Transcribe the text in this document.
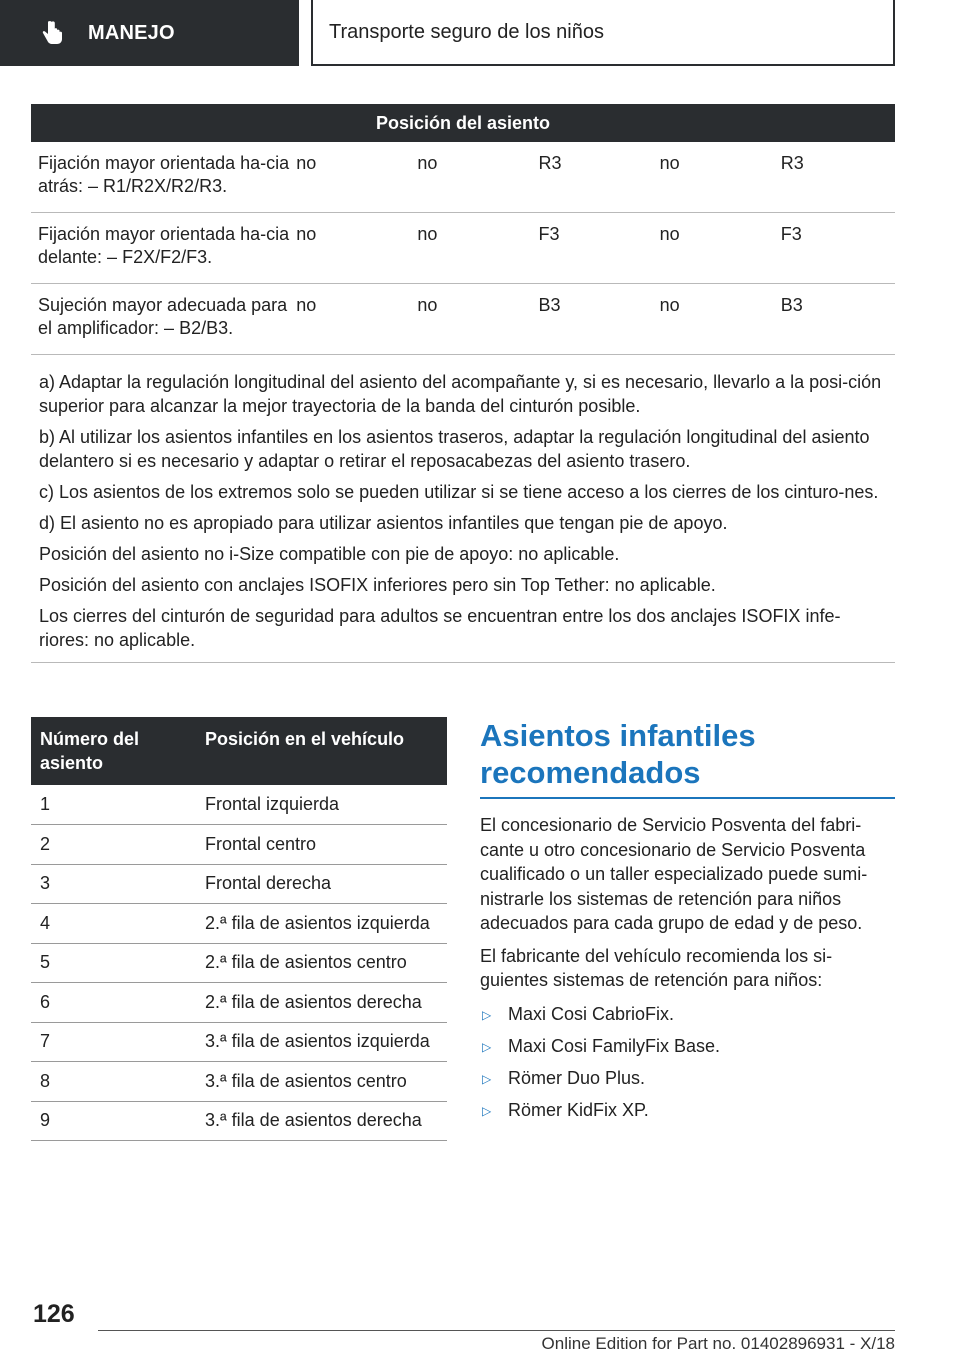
MANEJO	Transporte seguro de los niños
Posición del asiento					
Fijación mayor orientada ha-cia atrás: – R1/R2X/R2/R3.	no	no	R3	no	R3
Fijación mayor orientada ha-cia delante: – F2X/F2/F3.	no	no	F3	no	F3
Sujeción mayor adecuada para el amplificador: – B2/B3.	no	no	B3	no	B3

a) Adaptar la regulación longitudinal del asiento del acompañante y, si es necesario, llevarlo a la posi-ción superior para alcanzar la mejor trayectoria de la banda del cinturón posible.

b) Al utilizar los asientos infantiles en los asientos traseros, adaptar la regulación longitudinal del asiento delantero si es necesario y adaptar o retirar el reposacabezas del asiento trasero.

c) Los asientos de los extremos solo se pueden utilizar si se tiene acceso a los cierres de los cinturo-nes.

d) El asiento no es apropiado para utilizar asientos infantiles que tengan pie de apoyo.

Posición del asiento no i-Size compatible con pie de apoyo: no aplicable.

Posición del asiento con anclajes ISOFIX inferiores pero sin Top Tether: no aplicable.

Los cierres del cinturón de seguridad para adultos se encuentran entre los dos anclajes ISOFIX infe-riores: no aplicable.

Número del asiento	Posición en el vehículo
1	Frontal izquierda
2	Frontal centro
3	Frontal derecha
4	2.ª fila de asientos izquierda
5	2.ª fila de asientos centro
6	2.ª fila de asientos derecha
7	3.ª fila de asientos izquierda
8	3.ª fila de asientos centro
9	3.ª fila de asientos derecha
Asientos infantiles recomendados

El concesionario de Servicio Posventa del fabri-cante u otro concesionario de Servicio Posventa cualificado o un taller especializado puede sumi-nistrarle los sistemas de retención para niños adecuados para cada grupo de edad y de peso.

El fabricante del vehículo recomienda los si-guientes sistemas de retención para niños:

▷ Maxi Cosi CabrioFix.
▷ Maxi Cosi FamilyFix Base.
▷ Römer Duo Plus.
▷ Römer KidFix XP.
126
Online Edition for Part no. 01402896931 - X/18
